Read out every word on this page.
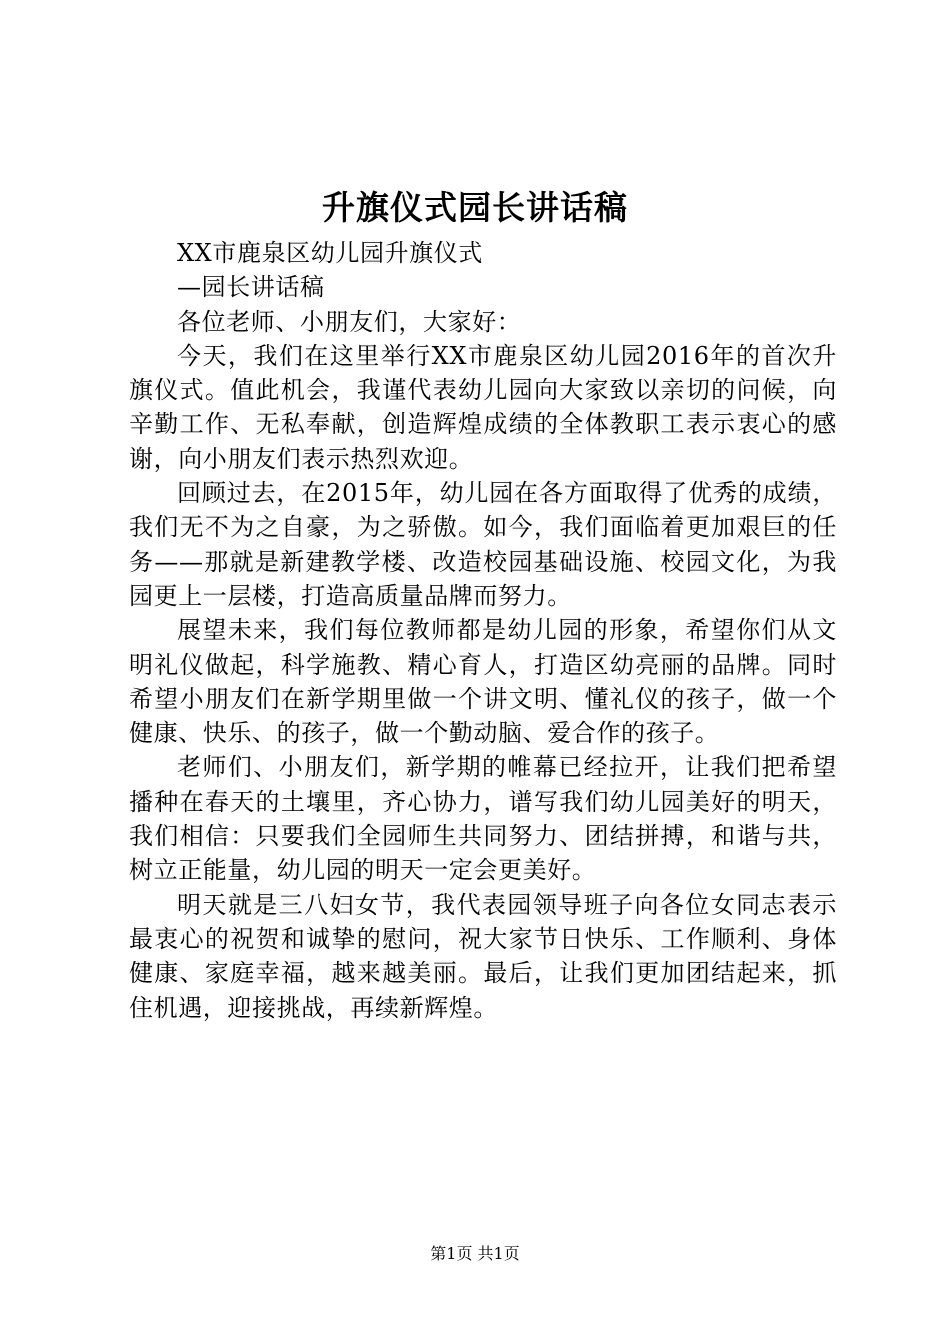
升旗仪式园长讲话稿

XX市鹿泉区幼儿园升旗仪式

—园长讲话稿

各位老师、小朋友们，大家好：

今天，我们在这里举行XX市鹿泉区幼儿园2016年的首次升旗仪式。值此机会，我谨代表幼儿园向大家致以亲切的问候，向辛勤工作、无私奉献，创造辉煌成绩的全体教职工表示衷心的感谢，向小朋友们表示热烈欢迎。

回顾过去，在2015年，幼儿园在各方面取得了优秀的成绩，我们无不为之自豪，为之骄傲。如今，我们面临着更加艰巨的任务——那就是新建教学楼、改造校园基础设施、校园文化，为我园更上一层楼，打造高质量品牌而努力。

展望未来，我们每位教师都是幼儿园的形象，希望你们从文明礼仪做起，科学施教、精心育人，打造区幼亮丽的品牌。同时希望小朋友们在新学期里做一个讲文明、懂礼仪的孩子，做一个健康、快乐、的孩子，做一个勤动脑、爱合作的孩子。

老师们、小朋友们，新学期的帷幕已经拉开，让我们把希望播种在春天的土壤里，齐心协力，谱写我们幼儿园美好的明天，我们相信：只要我们全园师生共同努力、团结拼搏，和谐与共，树立正能量，幼儿园的明天一定会更美好。

明天就是三八妇女节，我代表园领导班子向各位女同志表示最衷心的祝贺和诚挚的慰问，祝大家节日快乐、工作顺利、身体健康、家庭幸福，越来越美丽。最后，让我们更加团结起来，抓住机遇，迎接挑战，再续新辉煌。

第1页 共1页
